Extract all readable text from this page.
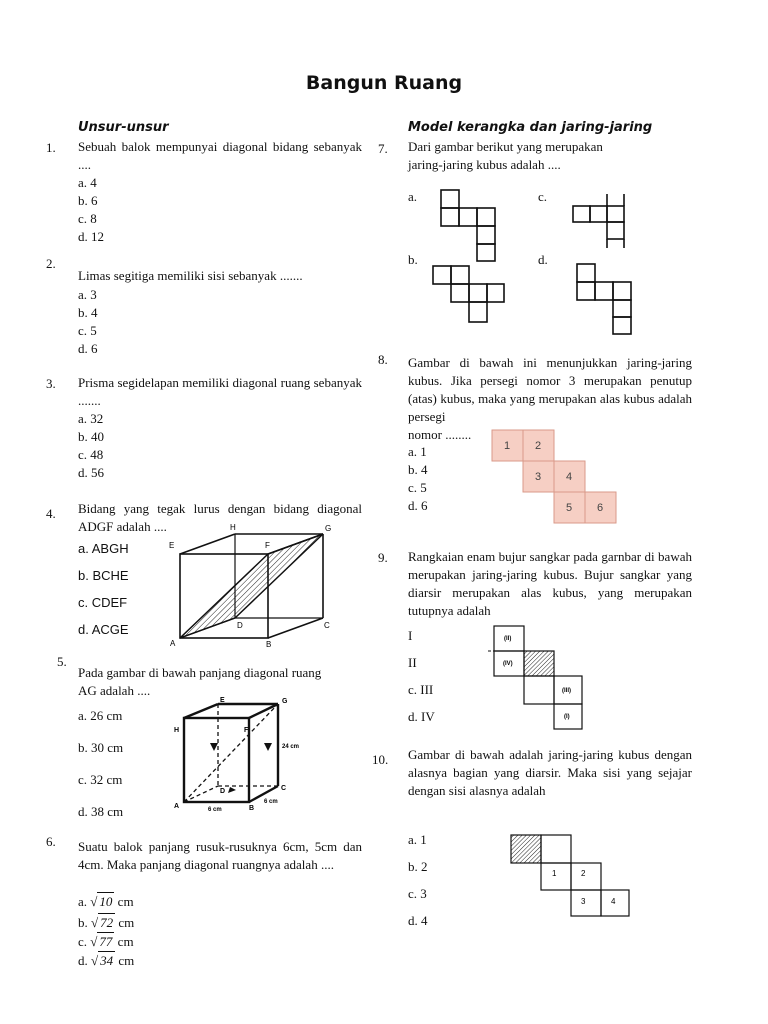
Bangun Ruang
Unsur-unsur
1. Sebuah balok mempunyai diagonal bidang sebanyak ....
a. 4
b. 6
c. 8
d. 12
2.
Limas segitiga memiliki sisi sebanyak .......
a. 3
b. 4
c. 5
d. 6
3. Prisma segidelapan memiliki diagonal ruang sebanyak .......
a. 32
b. 40
c. 48
d. 56
4. Bidang yang tegak lurus dengan bidang diagonal ADGF adalah ....
a. ABGH
b. BCHE
c. CDEF
d. ACGE
E
H	G
F
A
D
B
C
5.
Pada gambar di bawah panjang diagonal ruang AG adalah ....
a. 26 cm
b. 30 cm
c. 32 cm
d. 38 cm
E	G
H	F
D
A	B
C
24 cm
6 cm
6 cm
6. Suatu balok panjang rusuk-rusuknya 6cm, 5cm dan 4cm. Maka panjang diagonal ruangnya adalah ....
a. √ 10 cm
b. √ 72 cm
c. √ 77 cm
d. √ 34 cm
Model kerangka dan jaring-jaring
7. Dari gambar berikut yang merupakan
jaring-jaring kubus adalah ....
a.	c.
b.	d.
8. Gambar di bawah ini menunjukkan jaring-jaring kubus. Jika persegi nomor 3 merupakan penutup (atas) kubus, maka yang merupakan alas kubus adalah persegi
nomor ........
a. 1
b. 4
c. 5
d. 6
1 2
3 4
5 6
9. Rangkaian enam bujur sangkar pada garnbar di bawah merupakan jaring-jaring kubus. Bujur sangkar yang diarsir merupakan alas kubus, yang merupakan tutupnya adalah
I
II
c. III
d. IV
(II)
(IV)
(III)
(I)
10. Gambar di bawah adalah jaring-jaring kubus dengan alasnya bagian yang diarsir. Maka sisi yang sejajar dengan sisi alasnya adalah
a. 1
b. 2
c. 3
d. 4
1	2
3	4
